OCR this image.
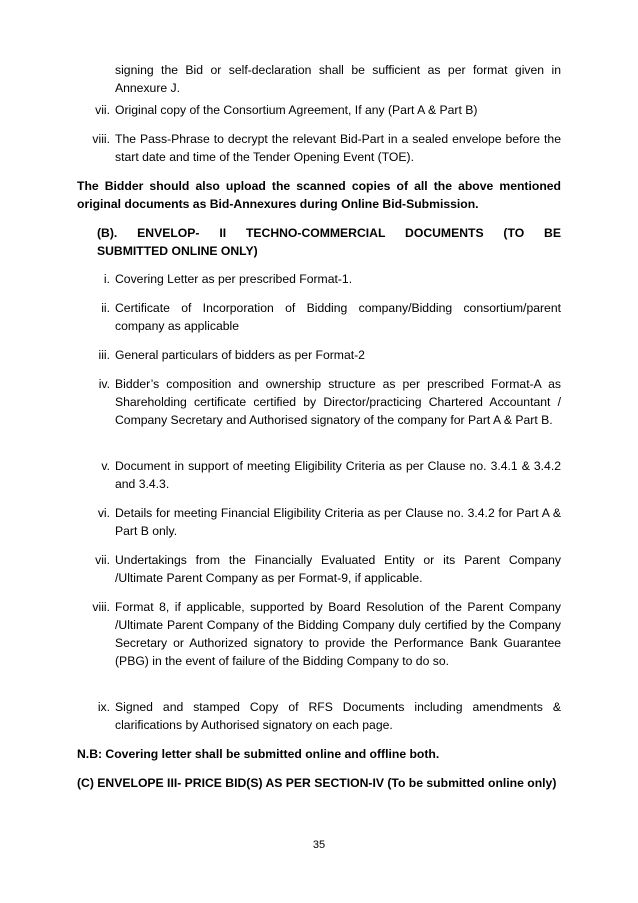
signing the Bid or self-declaration shall be sufficient as per format given in Annexure J.
vii. Original copy of the Consortium Agreement, If any (Part A & Part B)
viii. The Pass-Phrase to decrypt the relevant Bid-Part in a sealed envelope before the start date and time of the Tender Opening Event (TOE).
The Bidder should also upload the scanned copies of all the above mentioned original documents as Bid-Annexures during Online Bid-Submission.
(B). ENVELOP- II TECHNO-COMMERCIAL DOCUMENTS (TO BE
SUBMITTED ONLINE ONLY)
i. Covering Letter as per prescribed Format-1.
ii. Certificate of Incorporation of Bidding company/Bidding consortium/parent company as applicable
iii. General particulars of bidders as per Format-2
iv. Bidder’s composition and ownership structure as per prescribed Format-A as Shareholding certificate certified by Director/practicing Chartered Accountant / Company Secretary and Authorised signatory of the company for Part A & Part B.
v. Document in support of meeting Eligibility Criteria as per Clause no. 3.4.1 & 3.4.2 and 3.4.3.
vi. Details for meeting Financial Eligibility Criteria as per Clause no. 3.4.2 for Part A & Part B only.
vii. Undertakings from the Financially Evaluated Entity or its Parent Company /Ultimate Parent Company as per Format-9, if applicable.
viii. Format 8, if applicable, supported by Board Resolution of the Parent Company /Ultimate Parent Company of the Bidding Company duly certified by the Company Secretary or Authorized signatory to provide the Performance Bank Guarantee (PBG) in the event of failure of the Bidding Company to do so.
ix. Signed and stamped Copy of RFS Documents including amendments & clarifications by Authorised signatory on each page.
N.B: Covering letter shall be submitted online and offline both.
(C) ENVELOPE III- PRICE BID(S) AS PER SECTION-IV (To be submitted online only)
35
